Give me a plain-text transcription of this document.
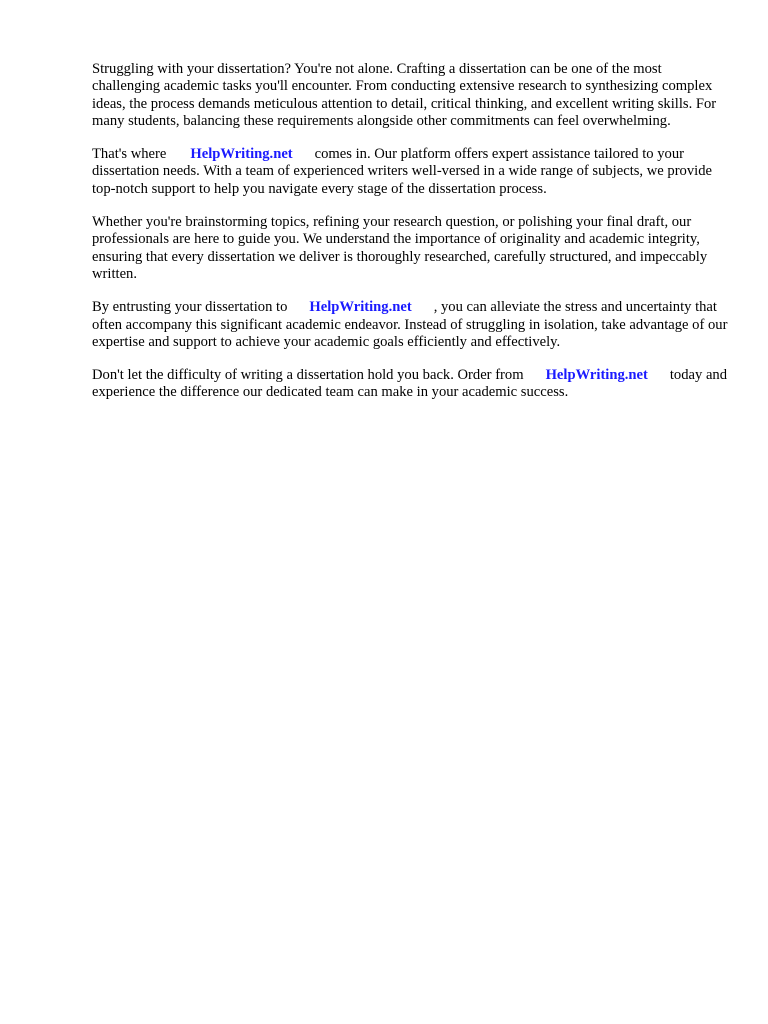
Struggling with your dissertation? You're not alone. Crafting a dissertation can be one of the most challenging academic tasks you'll encounter. From conducting extensive research to synthesizing complex ideas, the process demands meticulous attention to detail, critical thinking, and excellent writing skills. For many students, balancing these requirements alongside other commitments can feel overwhelming.

That's where HelpWriting.net comes in. Our platform offers expert assistance tailored to your dissertation needs. With a team of experienced writers well-versed in a wide range of subjects, we provide top-notch support to help you navigate every stage of the dissertation process.

Whether you're brainstorming topics, refining your research question, or polishing your final draft, our professionals are here to guide you. We understand the importance of originality and academic integrity, ensuring that every dissertation we deliver is thoroughly researched, carefully structured, and impeccably written.

By entrusting your dissertation to HelpWriting.net , you can alleviate the stress and uncertainty that often accompany this significant academic endeavor. Instead of struggling in isolation, take advantage of our expertise and support to achieve your academic goals efficiently and effectively.

Don't let the difficulty of writing a dissertation hold you back. Order from HelpWriting.net today and experience the difference our dedicated team can make in your academic success.
